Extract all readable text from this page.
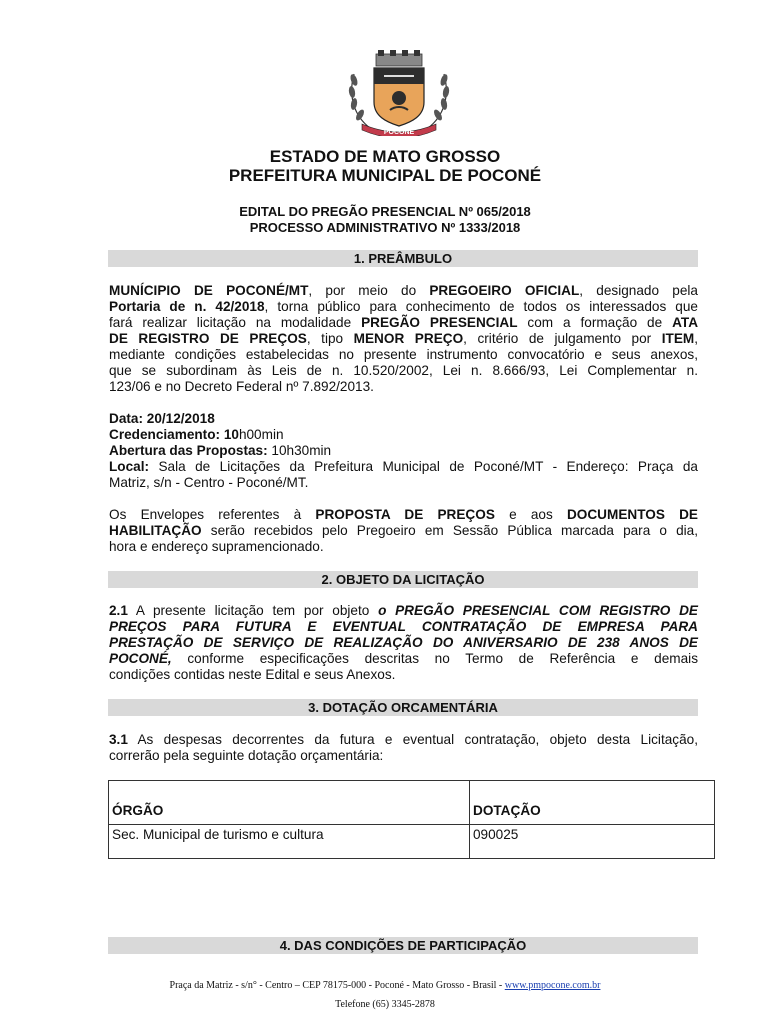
POCONÉ
ESTADO DE MATO GROSSO
PREFEITURA MUNICIPAL DE POCONÉ
EDITAL DO PREGÃO PRESENCIAL Nº 065/2018
PROCESSO ADMINISTRATIVO Nº 1333/2018
1. PREÂMBULO
MUNÍCIPIO DE POCONÉ/MT, por meio do PREGOEIRO OFICIAL, designado pela
Portaria de n. 42/2018, torna público para conhecimento de todos os interessados que
fará realizar licitação na modalidade PREGÃO PRESENCIAL com a formação de ATA
DE REGISTRO DE PREÇOS, tipo MENOR PREÇO, critério de julgamento por ITEM,
mediante condições estabelecidas no presente instrumento convocatório e seus anexos,
que se subordinam às Leis de n. 10.520/2002, Lei n. 8.666/93, Lei Complementar n.
123/06 e no Decreto Federal nº 7.892/2013.
Data: 20/12/2018
Credenciamento: 10h00min
Abertura das Propostas: 10h30min
Local: Sala de Licitações da Prefeitura Municipal de Poconé/MT - Endereço: Praça da
Matriz, s/n - Centro - Poconé/MT.
Os Envelopes referentes à PROPOSTA DE PREÇOS e aos DOCUMENTOS DE
HABILITAÇÃO serão recebidos pelo Pregoeiro em Sessão Pública marcada para o dia,
hora e endereço supramencionado.
2. OBJETO DA LICITAÇÃO
2.1 A presente licitação tem por objeto o PREGÃO PRESENCIAL COM REGISTRO DE
PREÇOS PARA FUTURA E EVENTUAL CONTRATAÇÃO DE EMPRESA PARA
PRESTAÇÃO DE SERVIÇO DE REALIZAÇÃO DO ANIVERSARIO DE 238 ANOS DE
POCONÉ, conforme especificações descritas no Termo de Referência e demais
condições contidas neste Edital e seus Anexos.
3. DOTAÇÃO ORCAMENTÁRIA
3.1 As despesas decorrentes da futura e eventual contratação, objeto desta Licitação,
correrão pela seguinte dotação orçamentária:
ÓRGÃO	DOTAÇÃO
Sec. Municipal de turismo e cultura	090025
4. DAS CONDIÇÕES DE PARTICIPAÇÃO
Praça da Matriz - s/n° - Centro – CEP 78175-000 - Poconé - Mato Grosso - Brasil - www.pmpocone.com.br
Telefone (65) 3345-2878
